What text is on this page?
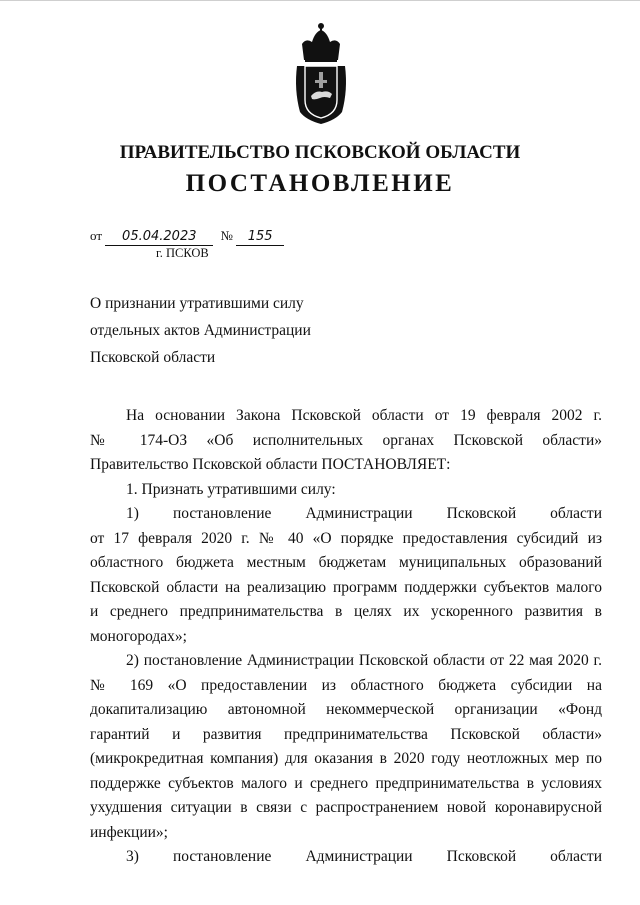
ПРАВИТЕЛЬСТВО ПСКОВСКОЙ ОБЛАСТИ
ПОСТАНОВЛЕНИЕ
от 05.04.2023 № 155
г. ПСКОВ
О признании утратившими силу
отдельных актов Администрации
Псковской области
На основании Закона Псковской области от 19 февраля 2002 г.
№ 174-ОЗ «Об исполнительных органах Псковской области»
Правительство Псковской области ПОСТАНОВЛЯЕТ:
1. Признать утратившими силу:
1) постановление Администрации Псковской области
от 17 февраля 2020 г. № 40 «О порядке предоставления субсидий из
областного бюджета местным бюджетам муниципальных образований
Псковской области на реализацию программ поддержки субъектов малого
и среднего предпринимательства в целях их ускоренного развития в
моногородах»;
2) постановление Администрации Псковской области от 22 мая 2020 г.
№ 169 «О предоставлении из областного бюджета субсидии на
докапитализацию автономной некоммерческой организации «Фонд
гарантий и развития предпринимательства Псковской области»
(микрокредитная компания) для оказания в 2020 году неотложных мер по
поддержке субъектов малого и среднего предпринимательства в условиях
ухудшения ситуации в связи с распространением новой коронавирусной
инфекции»;
3) постановление Администрации Псковской области
